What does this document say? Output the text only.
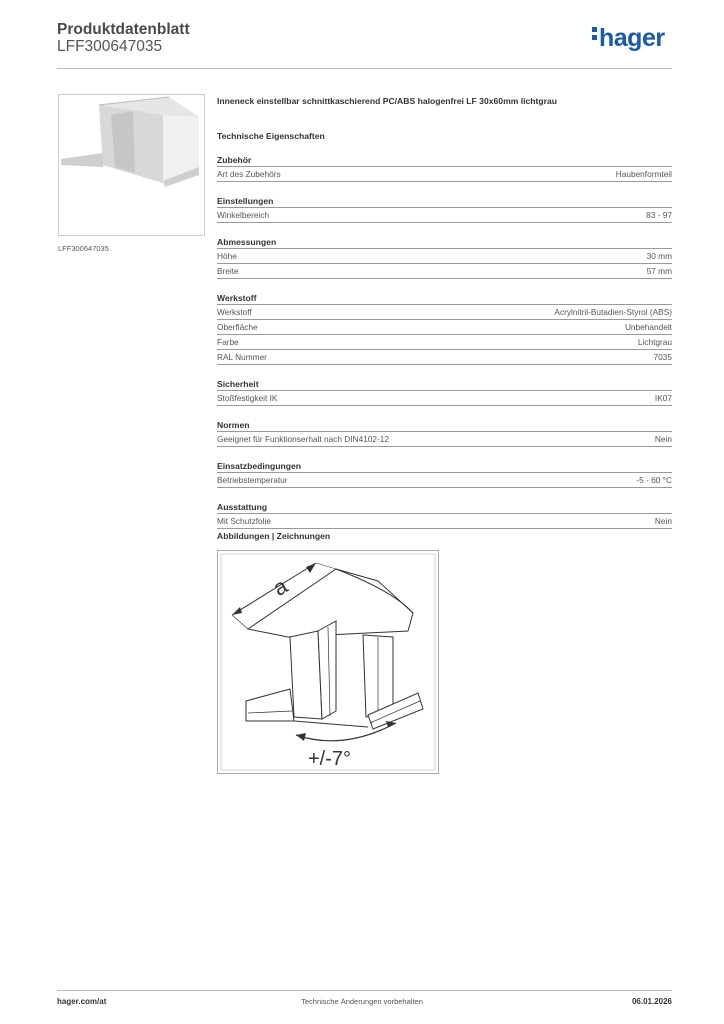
Produktdatenblatt
LFF300647035	hager
LFF300647035
Inneneck einstellbar schnittkaschierend PC/ABS halogenfrei LF 30x60mm lichtgrau
Technische Eigenschaften
Zubehör
Art des Zubehörs	Haubenformteil
Einstellungen
Winkelbereich	83 - 97
Abmessungen
Höhe	30 mm
Breite	57 mm
Werkstoff
Werkstoff	Acrylnitril-Butadien-Styrol (ABS)
Oberfläche	Unbehandelt
Farbe	Lichtgrau
RAL Nummer	7035
Sicherheit
Stoßfestigkeit IK	IK07
Normen
Geeignet für Funktionserhalt nach DIN4102-12	Nein
Einsatzbedingungen
Betriebstemperatur	-5 - 60 °C
Ausstattung
Mit Schutzfolie	Nein
Abbildungen | Zeichnungen
a
+/-7°
hager.com/at	Technische Änderungen vorbehalten	06.01.2026
